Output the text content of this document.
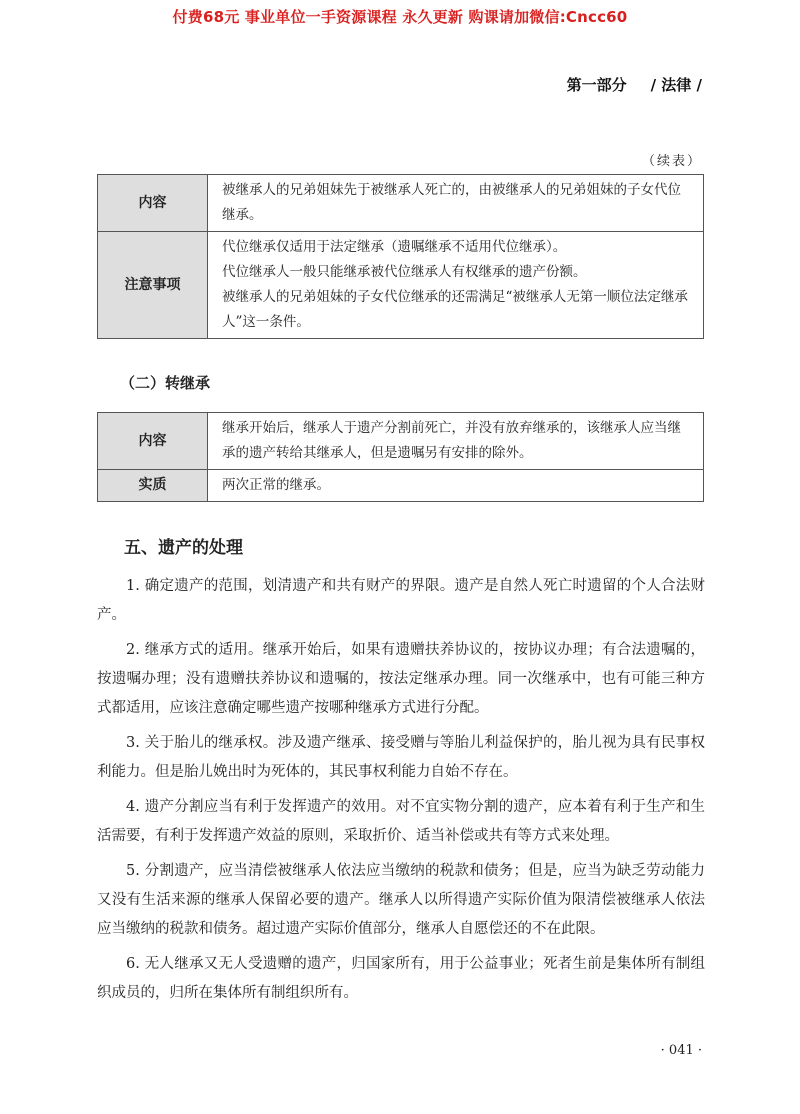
付费68元 事业单位一手资源课程 永久更新 购课请加微信:Cncc60
第一部分 / 法律 /
（续表）
内容	被继承人的兄弟姐妹先于被继承人死亡的，由被继承人的兄弟姐妹的子女代位继承。

注意事项	代位继承仅适用于法定继承（遗嘱继承不适用代位继承）。
代位继承人一般只能继承被代位继承人有权继承的遗产份额。
被继承人的兄弟姐妹的子女代位继承的还需满足“被继承人无第一顺位法定继承人”这一条件。
（二）转继承
内容	继承开始后，继承人于遗产分割前死亡，并没有放弃继承的，该继承人应当继承的遗产转给其继承人，但是遗嘱另有安排的除外。

实质	两次正常的继承。
五、遗产的处理

1. 确定遗产的范围，划清遗产和共有财产的界限。遗产是自然人死亡时遗留的个人合法财产。

2. 继承方式的适用。继承开始后，如果有遗赠扶养协议的，按协议办理；有合法遗嘱的，按遗嘱办理；没有遗赠扶养协议和遗嘱的，按法定继承办理。同一次继承中，也有可能三种方式都适用，应该注意确定哪些遗产按哪种继承方式进行分配。

3. 关于胎儿的继承权。涉及遗产继承、接受赠与等胎儿利益保护的，胎儿视为具有民事权利能力。但是胎儿娩出时为死体的，其民事权利能力自始不存在。

4. 遗产分割应当有利于发挥遗产的效用。对不宜实物分割的遗产，应本着有利于生产和生活需要，有利于发挥遗产效益的原则，采取折价、适当补偿或共有等方式来处理。

5. 分割遗产，应当清偿被继承人依法应当缴纳的税款和债务；但是，应当为缺乏劳动能力又没有生活来源的继承人保留必要的遗产。继承人以所得遗产实际价值为限清偿被继承人依法应当缴纳的税款和债务。超过遗产实际价值部分，继承人自愿偿还的不在此限。

6. 无人继承又无人受遗赠的遗产，归国家所有，用于公益事业；死者生前是集体所有制组织成员的，归所在集体所有制组织所有。

· 041 ·
